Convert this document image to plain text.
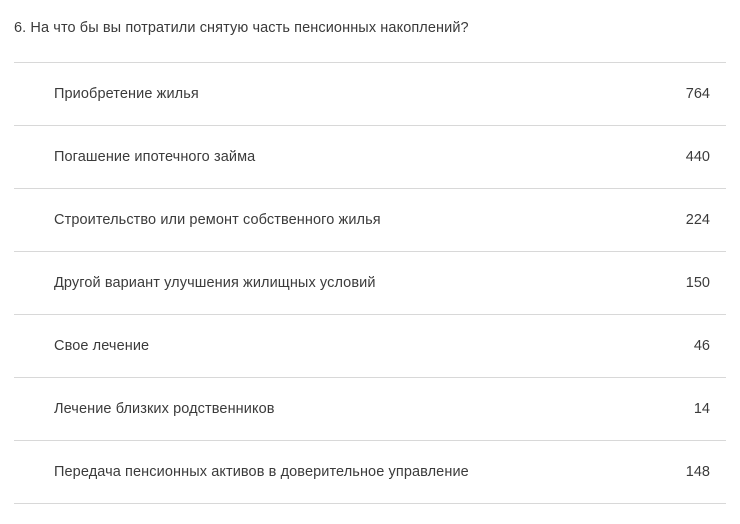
6. На что бы вы потратили снятую часть пенсионных накоплений?
Приобретение жилья	764
Погашение ипотечного займа	440
Строительство или ремонт собственного жилья	224
Другой вариант улучшения жилищных условий	150
Свое лечение	46
Лечение близких родственников	14
Передача пенсионных активов в доверительное управление	148
